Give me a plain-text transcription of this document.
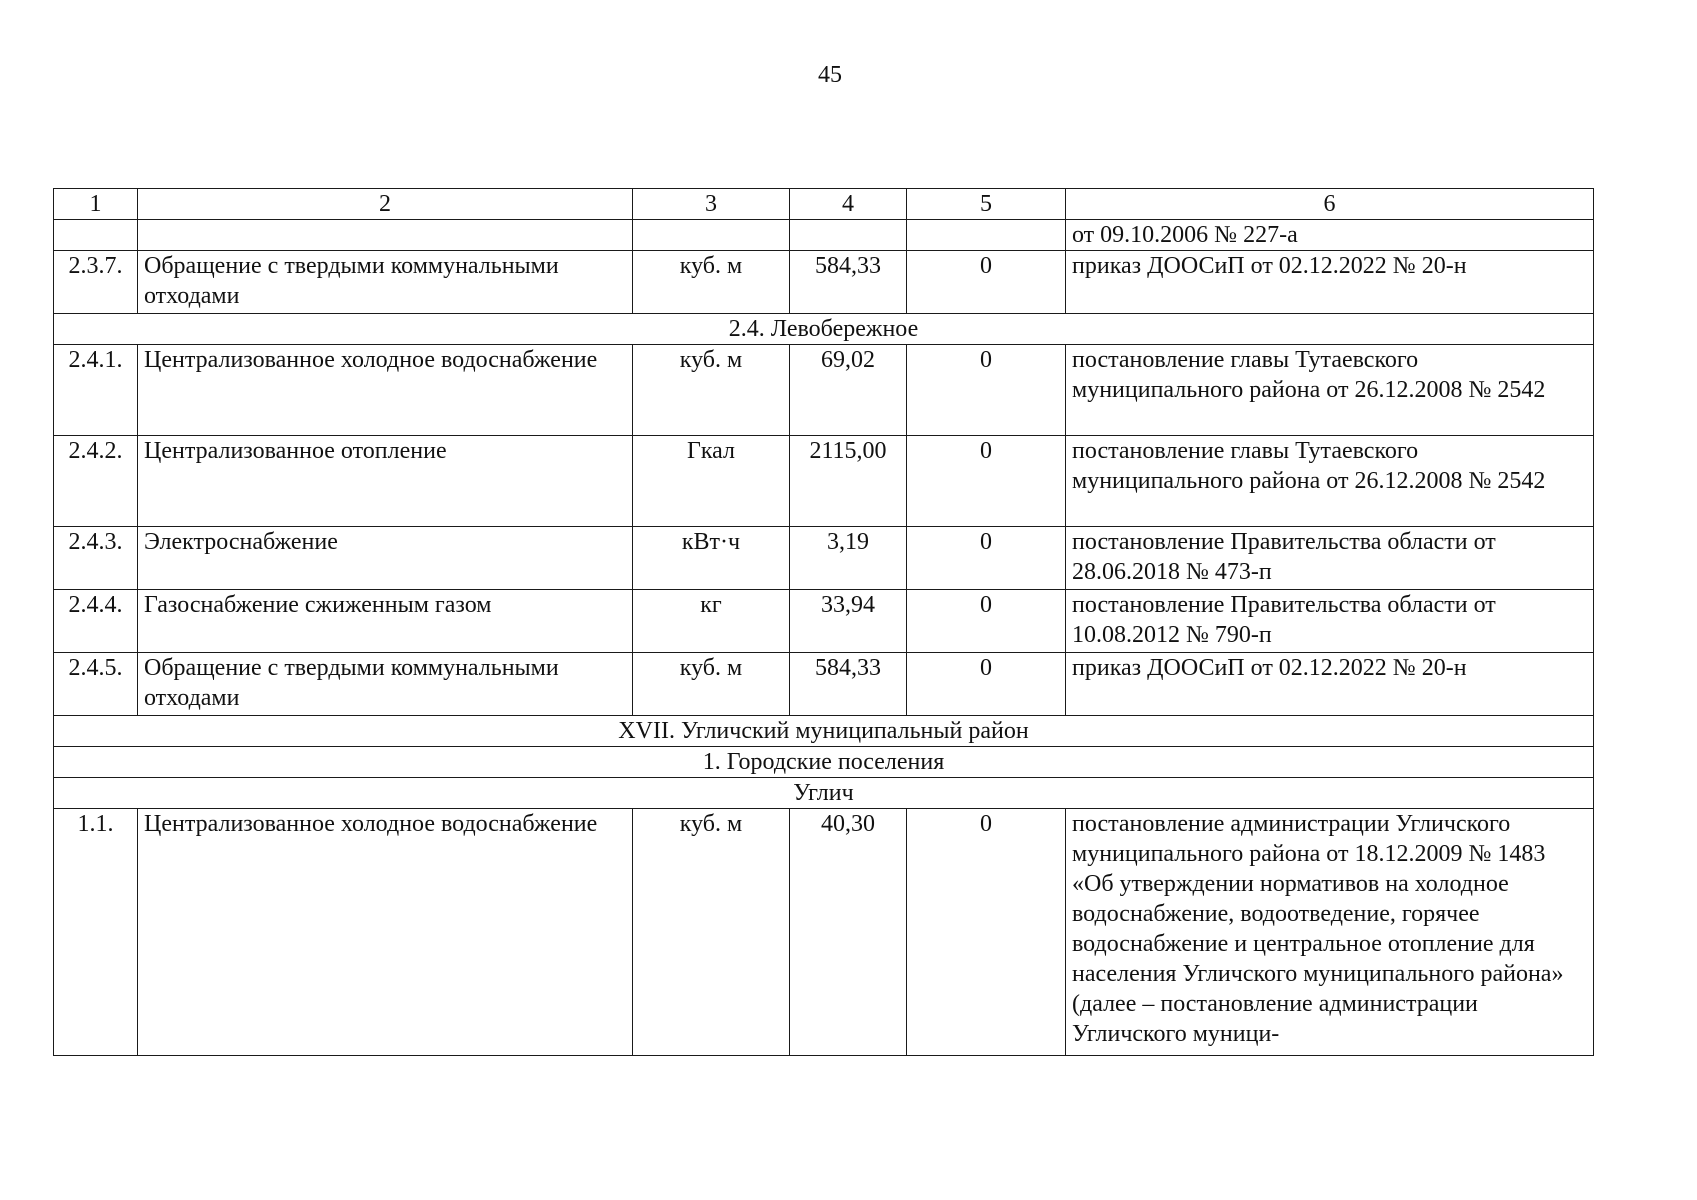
45
1	2	3	4	5	6
					от 09.10.2006 № 227-а
2.3.7.	Обращение с твердыми коммунальными отходами	куб. м	584,33	0	приказ ДООСиП от 02.12.2022 № 20-н
2.4. Левобережное					
2.4.1.	Централизованное холодное водоснабжение	куб. м	69,02	0	постановление главы Тутаевского муниципального района от 26.12.2008 № 2542
2.4.2.	Централизованное отопление	Гкал	2115,00	0	постановление главы Тутаевского муниципального района от 26.12.2008 № 2542
2.4.3.	Электроснабжение	кВт·ч	3,19	0	постановление Правительства области от 28.06.2018 № 473-п
2.4.4.	Газоснабжение сжиженным газом	кг	33,94	0	постановление Правительства области от 10.08.2012 № 790-п
2.4.5.	Обращение с твердыми коммунальными отходами	куб. м	584,33	0	приказ ДООСиП от 02.12.2022 № 20-н
XVII. Угличский муниципальный район					
1. Городские поселения					
Углич					
1.1.	Централизованное холодное водоснабжение	куб. м	40,30	0	постановление администрации Угличского муниципального района от 18.12.2009 № 1483 «Об утверждении нормативов на холодное водоснабжение, водоотведение, горячее водоснабжение и центральное отопление для населения Угличского муниципального района» (далее – постановление администрации Угличского муници-
